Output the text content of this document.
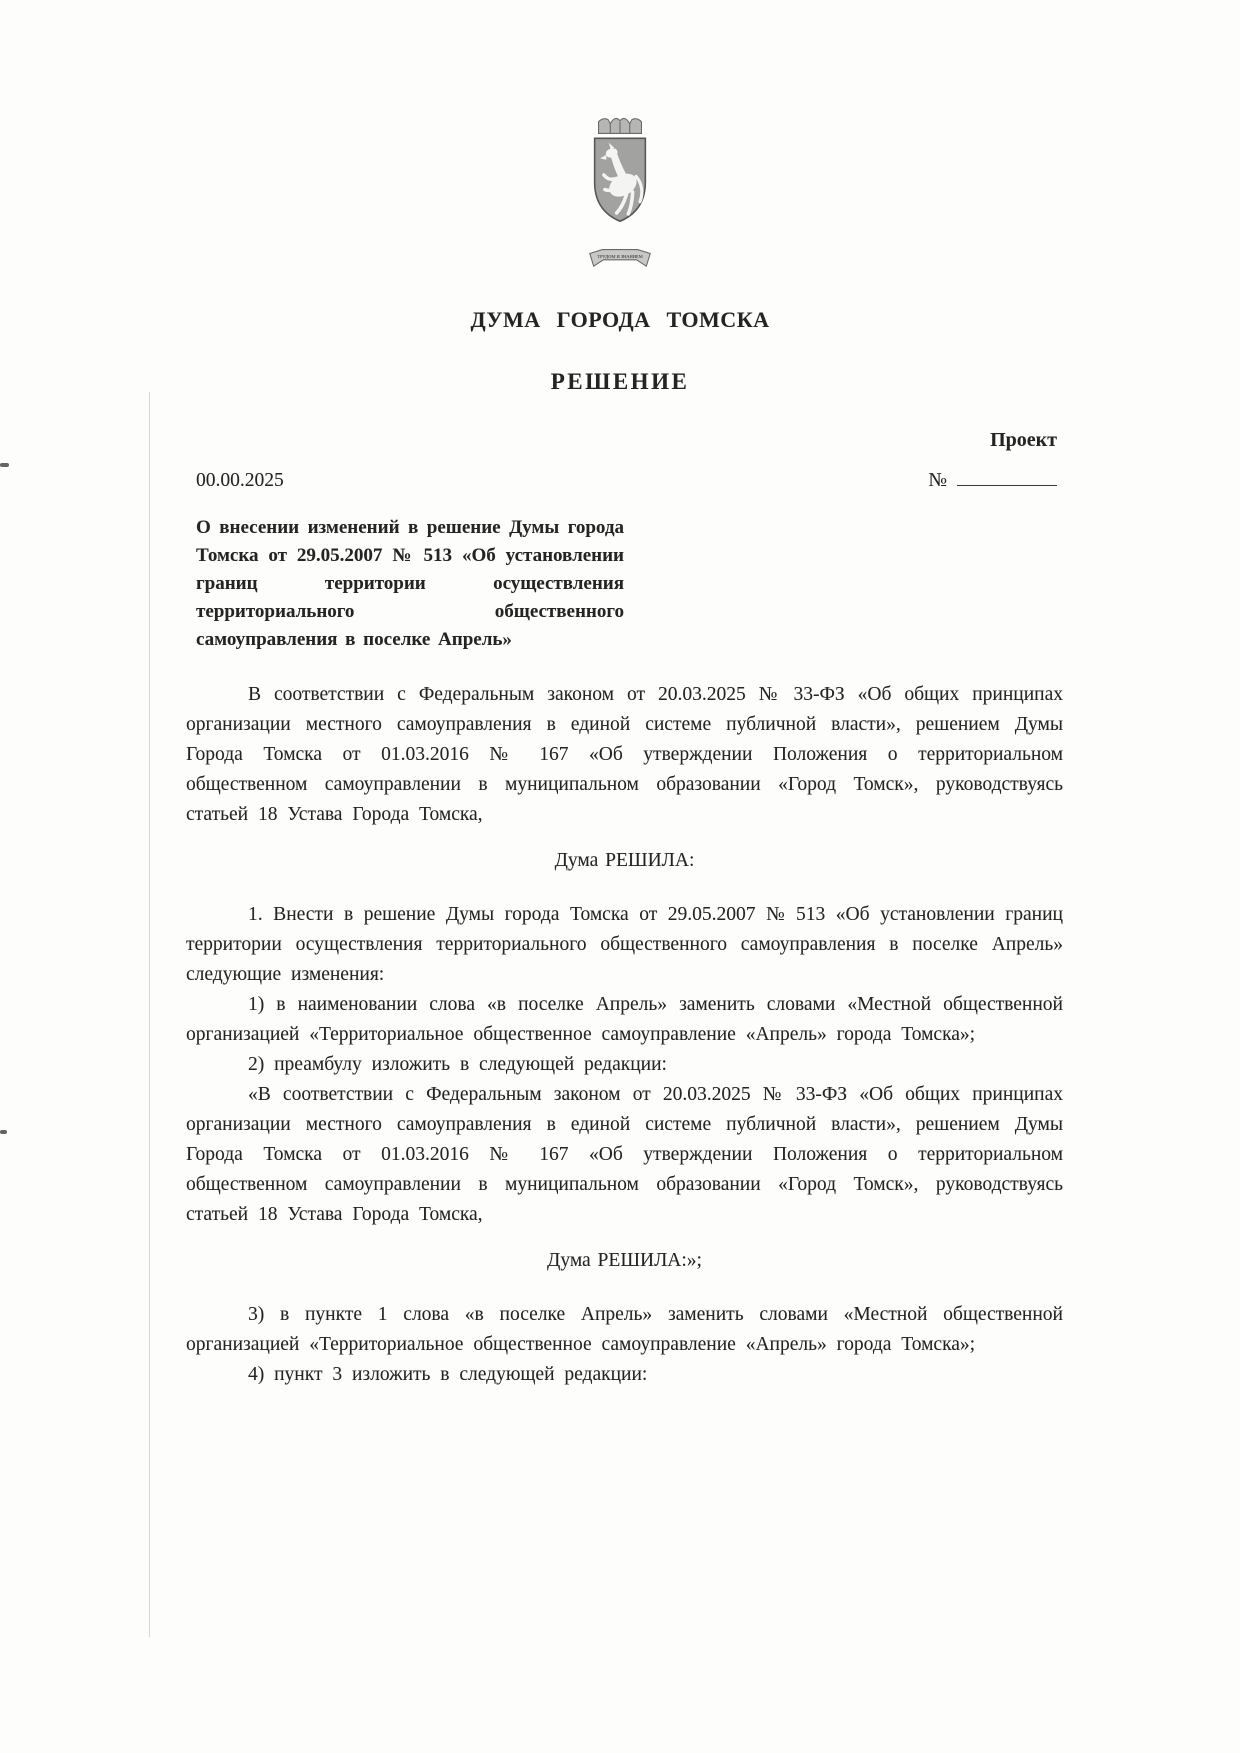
ТРУДОМ И ЗНАНИЕМ
ДУМА ГОРОДА ТОМСКА
РЕШЕНИЕ
Проект
00.00.2025	№
О внесении изменений в решение Думы города Томска от 29.05.2007 № 513 «Об установлении границ территории осуществления территориального общественного самоуправления в поселке Апрель»

В соответствии с Федеральным законом от 20.03.2025 № 33-ФЗ «Об общих принципах организации местного самоуправления в единой системе публичной власти», решением Думы Города Томска от 01.03.2016 № 167 «Об утверждении Положения о территориальном общественном самоуправлении в муниципальном образовании «Город Томск», руководствуясь статьей 18 Устава Города Томска,

Дума РЕШИЛА:

1. Внести в решение Думы города Томска от 29.05.2007 № 513 «Об установлении границ территории осуществления территориального общественного самоуправления в поселке Апрель» следующие изменения:

1) в наименовании слова «в поселке Апрель» заменить словами «Местной общественной организацией «Территориальное общественное самоуправление «Апрель» города Томска»;

2) преамбулу изложить в следующей редакции:

«В соответствии с Федеральным законом от 20.03.2025 № 33-ФЗ «Об общих принципах организации местного самоуправления в единой системе публичной власти», решением Думы Города Томска от 01.03.2016 № 167 «Об утверждении Положения о территориальном общественном самоуправлении в муниципальном образовании «Город Томск», руководствуясь статьей 18 Устава Города Томска,

Дума РЕШИЛА:»;

3) в пункте 1 слова «в поселке Апрель» заменить словами «Местной общественной организацией «Территориальное общественное самоуправление «Апрель» города Томска»;

4) пункт 3 изложить в следующей редакции:
